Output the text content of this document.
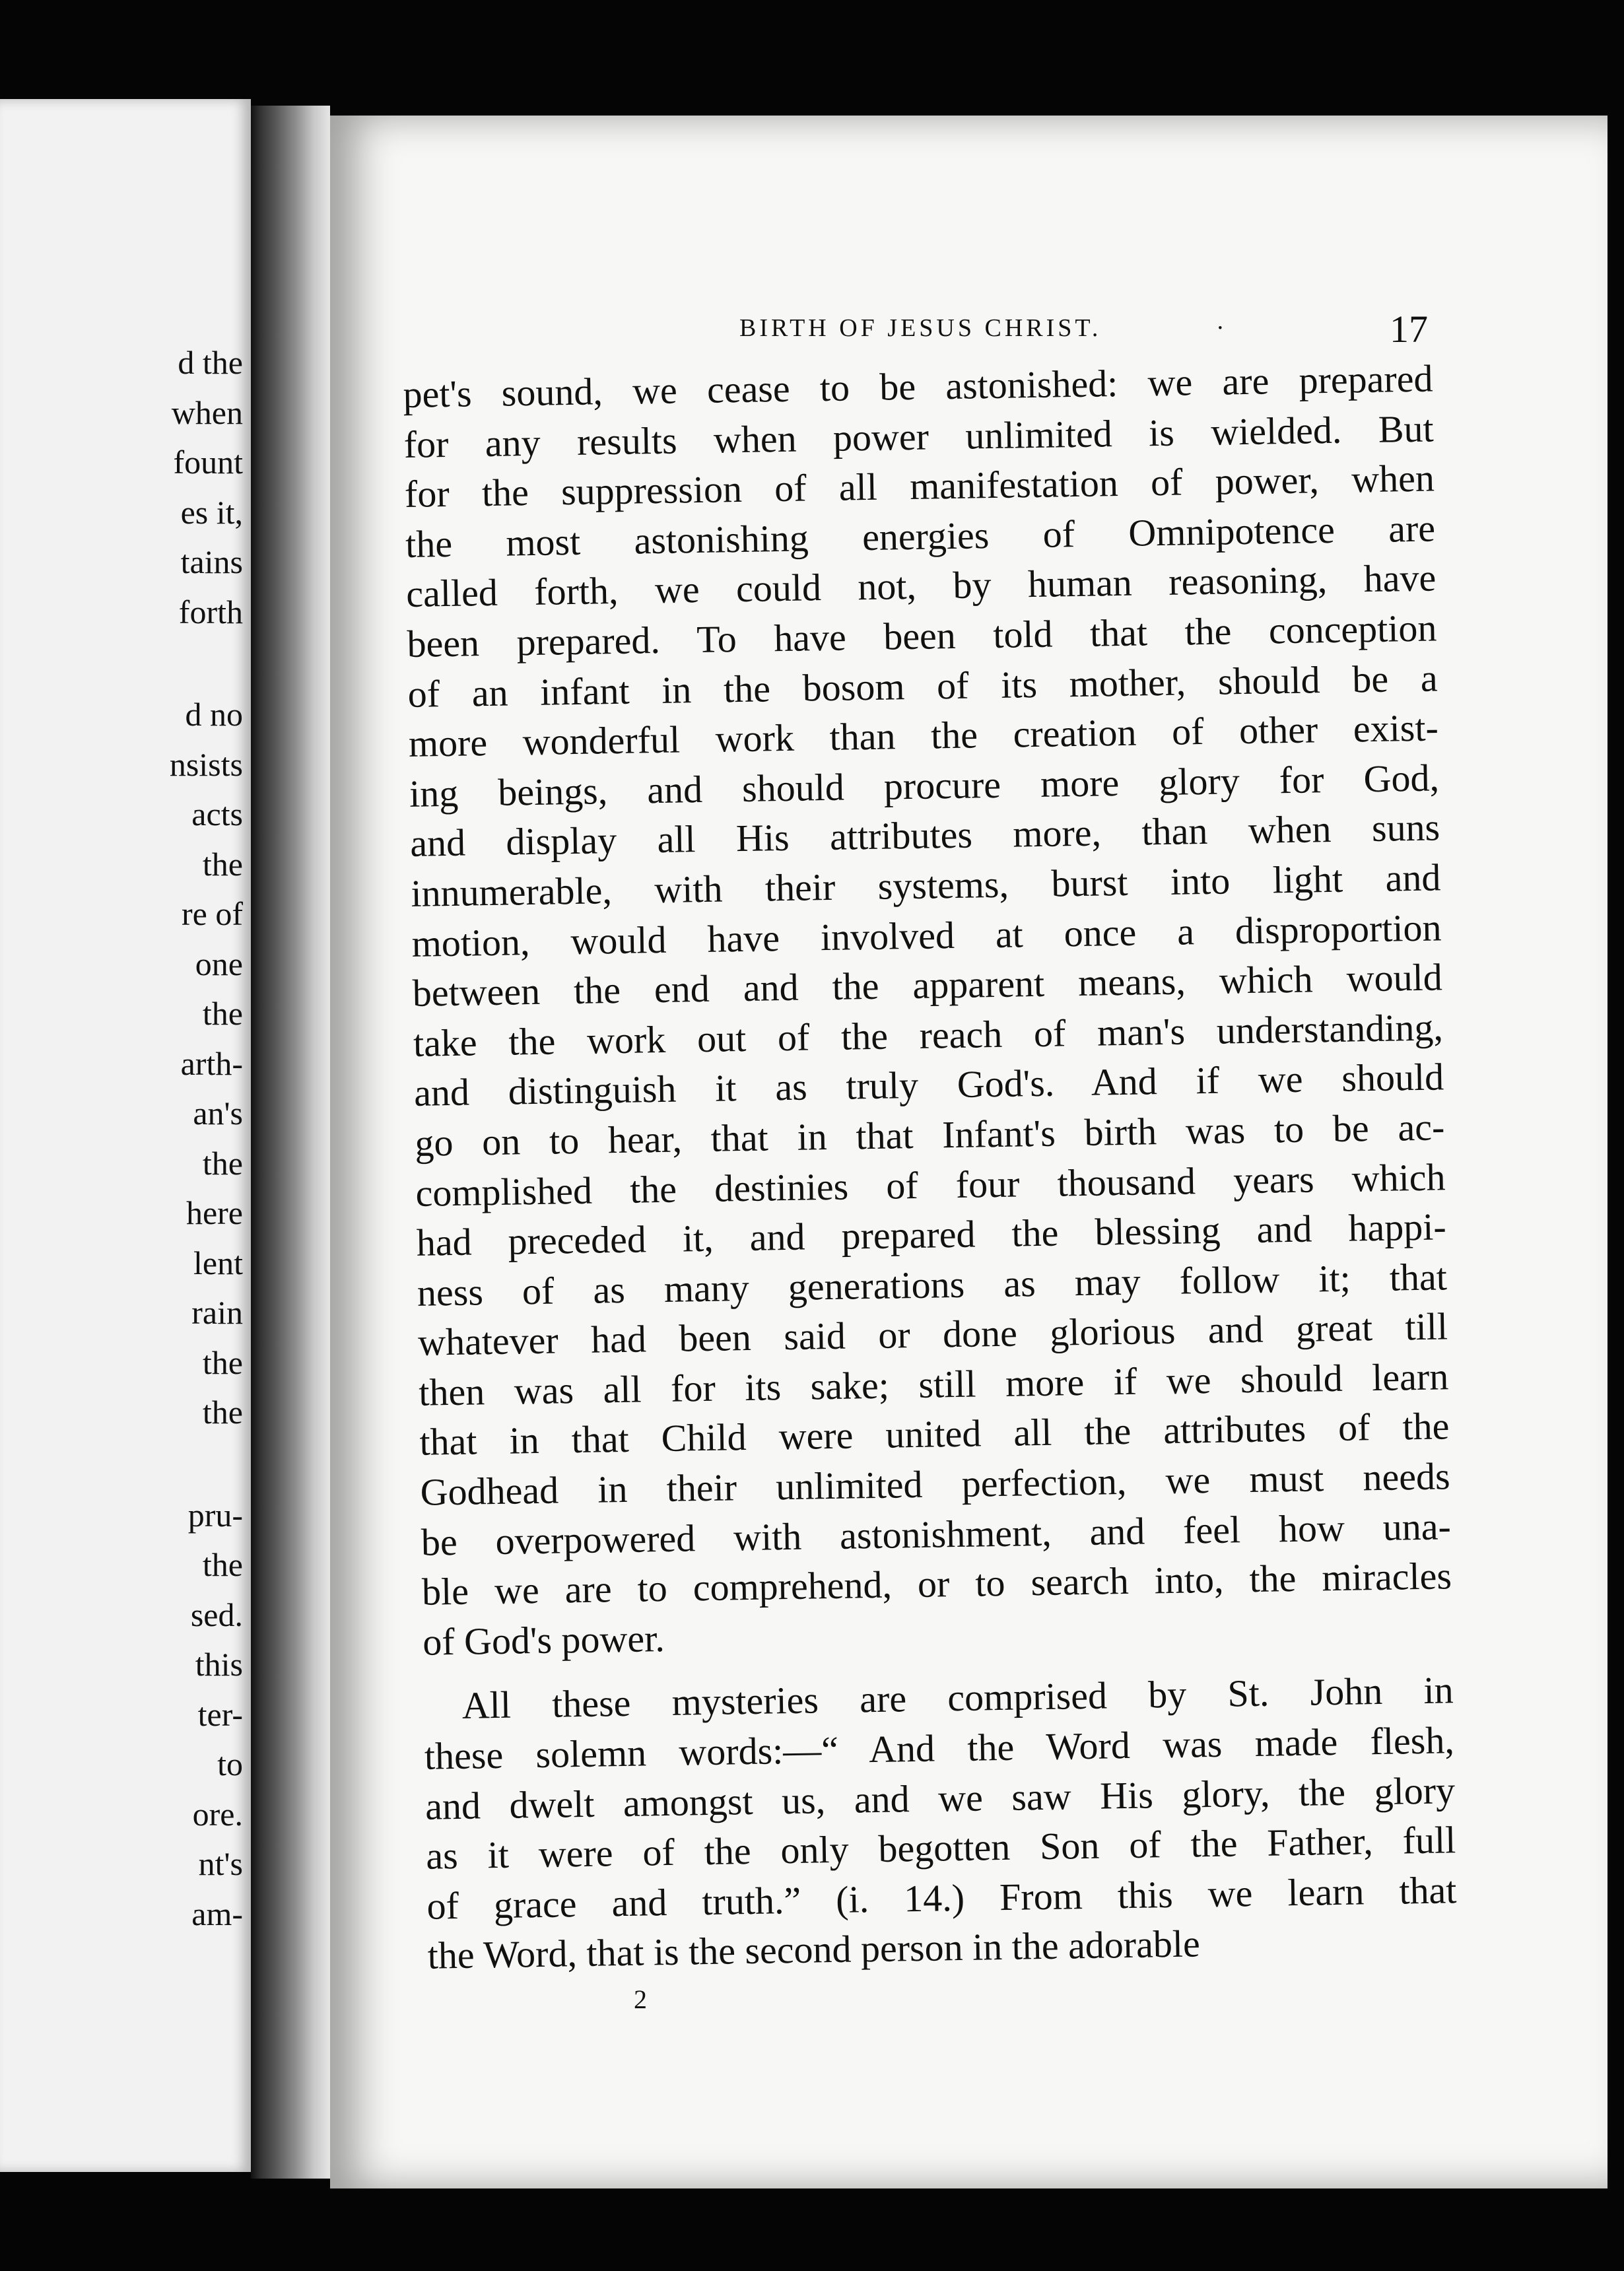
d the
when
fount
es it,
tains
forth
d no
nsists
acts
the
re of
one
the
arth-
an's
the
here
lent
rain
the
the
pru-
the
sed.
this
ter-
to
ore.
nt's
am-
BIRTH OF JESUS CHRIST.	·	17
pet's sound, we cease to be astonished: we are prepared
for any results when power unlimited is wielded. But
for the suppression of all manifestation of power, when
the most astonishing energies of Omnipotence are
called forth, we could not, by human reasoning, have
been prepared. To have been told that the conception
of an infant in the bosom of its mother, should be a
more wonderful work than the creation of other exist-
ing beings, and should procure more glory for God,
and display all His attributes more, than when suns
innumerable, with their systems, burst into light and
motion, would have involved at once a disproportion
between the end and the apparent means, which would
take the work out of the reach of man's understanding,
and distinguish it as truly God's. And if we should
go on to hear, that in that Infant's birth was to be ac-
complished the destinies of four thousand years which
had preceded it, and prepared the blessing and happi-
ness of as many generations as may follow it; that
whatever had been said or done glorious and great till
then was all for its sake; still more if we should learn
that in that Child were united all the attributes of the
Godhead in their unlimited perfection, we must needs
be overpowered with astonishment, and feel how una-
ble we are to comprehend, or to search into, the miracles
of God's power.
All these mysteries are comprised by St. John in
these solemn words:—“ And the Word was made flesh,
and dwelt amongst us, and we saw His glory, the glory
as it were of the only begotten Son of the Father, full
of grace and truth.” (i. 14.) From this we learn that
the Word, that is the second person in the adorable
2
